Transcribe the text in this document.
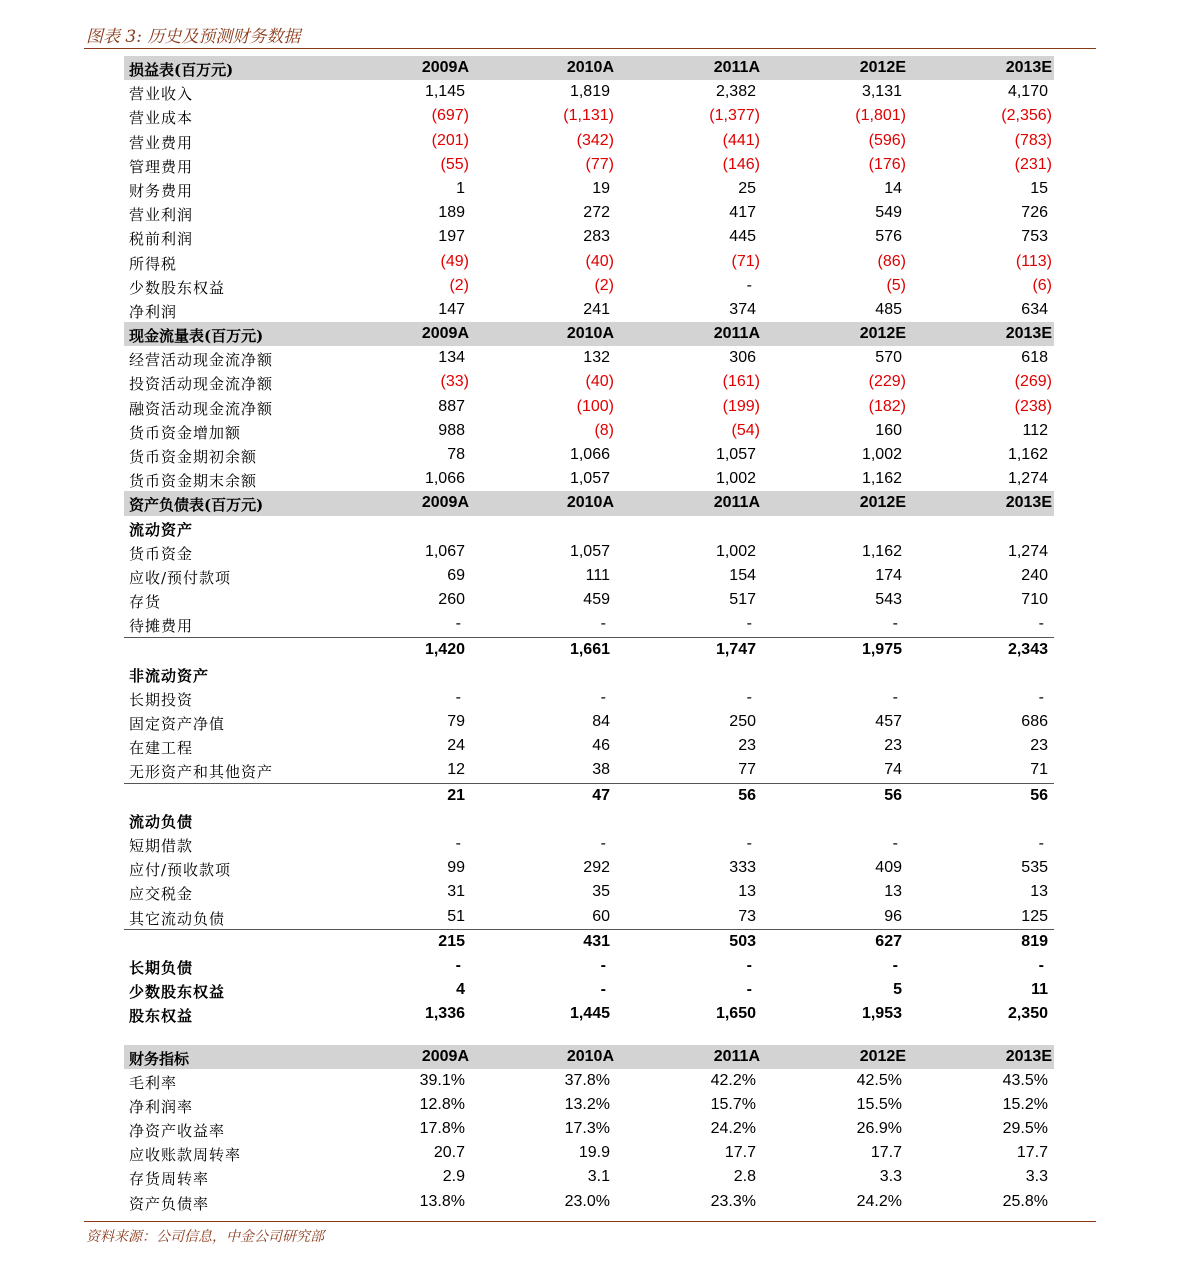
图表 3: 历史及预测财务数据
损益表(百万元)	2009A	2010A	2011A	2012E	2013E
营业收入	1,145	1,819	2,382	3,131	4,170
营业成本	(697)	(1,131)	(1,377)	(1,801)	(2,356)
营业费用	(201)	(342)	(441)	(596)	(783)
管理费用	(55)	(77)	(146)	(176)	(231)
财务费用	1	19	25	14	15
营业利润	189	272	417	549	726
税前利润	197	283	445	576	753
所得税	(49)	(40)	(71)	(86)	(113)
少数股东权益	(2)	(2)	-	(5)	(6)
净利润	147	241	374	485	634
现金流量表(百万元)	2009A	2010A	2011A	2012E	2013E
经营活动现金流净额	134	132	306	570	618
投资活动现金流净额	(33)	(40)	(161)	(229)	(269)
融资活动现金流净额	887	(100)	(199)	(182)	(238)
货币资金增加额	988	(8)	(54)	160	112
货币资金期初余额	78	1,066	1,057	1,002	1,162
货币资金期末余额	1,066	1,057	1,002	1,162	1,274
资产负债表(百万元)	2009A	2010A	2011A	2012E	2013E
流动资产
货币资金	1,067	1,057	1,002	1,162	1,274
应收/预付款项	69	111	154	174	240
存货	260	459	517	543	710
待摊费用	-	-	-	-	-
1,420	1,661	1,747	1,975	2,343
非流动资产
长期投资	-	-	-	-	-
固定资产净值	79	84	250	457	686
在建工程	24	46	23	23	23
无形资产和其他资产	12	38	77	74	71
21	47	56	56	56
流动负债
短期借款	-	-	-	-	-
应付/预收款项	99	292	333	409	535
应交税金	31	35	13	13	13
其它流动负债	51	60	73	96	125
215	431	503	627	819
长期负债	-	-	-	-	-
少数股东权益	4	-	-	5	11
股东权益	1,336	1,445	1,650	1,953	2,350
财务指标	2009A	2010A	2011A	2012E	2013E
毛利率	39.1%	37.8%	42.2%	42.5%	43.5%
净利润率	12.8%	13.2%	15.7%	15.5%	15.2%
净资产收益率	17.8%	17.3%	24.2%	26.9%	29.5%
应收账款周转率	20.7	19.9	17.7	17.7	17.7
存货周转率	2.9	3.1	2.8	3.3	3.3
资产负债率	13.8%	23.0%	23.3%	24.2%	25.8%
资料来源：公司信息，中金公司研究部
